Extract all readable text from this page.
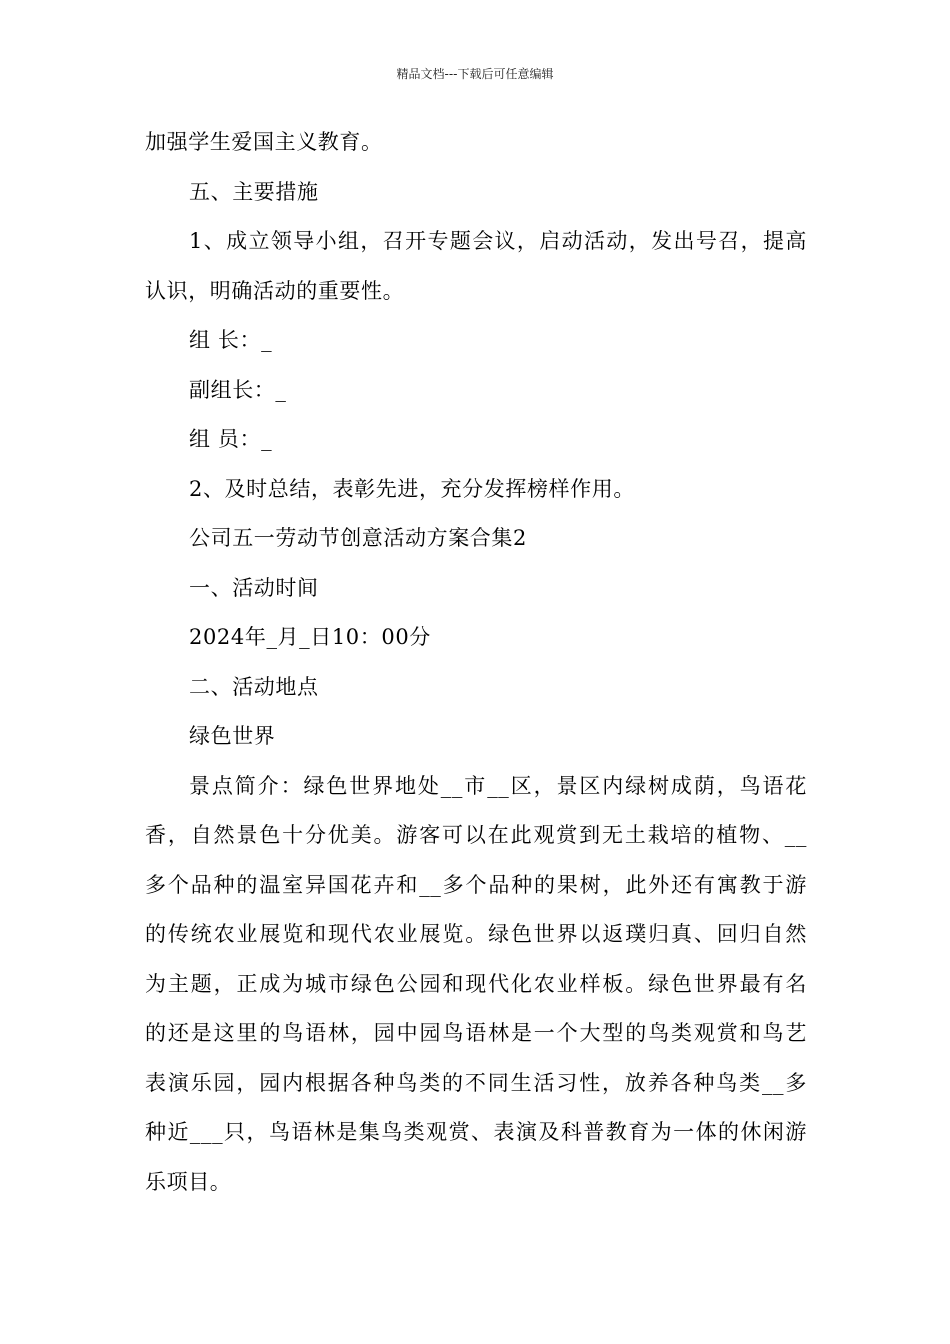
精品文档---下载后可任意编辑
加强学生爱国主义教育。
五、主要措施
1、成立领导小组，召开专题会议，启动活动，发出号召，提高
认识，明确活动的重要性。
组 长：_
副组长：_
组 员：_
2、及时总结，表彰先进，充分发挥榜样作用。
公司五一劳动节创意活动方案合集2
一、活动时间
2024年_月_日10：00分
二、活动地点
绿色世界
景点简介：绿色世界地处__市__区，景区内绿树成荫，鸟语花
香，自然景色十分优美。游客可以在此观赏到无土栽培的植物、__
多个品种的温室异国花卉和__多个品种的果树，此外还有寓教于游
的传统农业展览和现代农业展览。绿色世界以返璞归真、回归自然
为主题，正成为城市绿色公园和现代化农业样板。绿色世界最有名
的还是这里的鸟语林，园中园鸟语林是一个大型的鸟类观赏和鸟艺
表演乐园，园内根据各种鸟类的不同生活习性，放养各种鸟类__多
种近___只，鸟语林是集鸟类观赏、表演及科普教育为一体的休闲游
乐项目。
